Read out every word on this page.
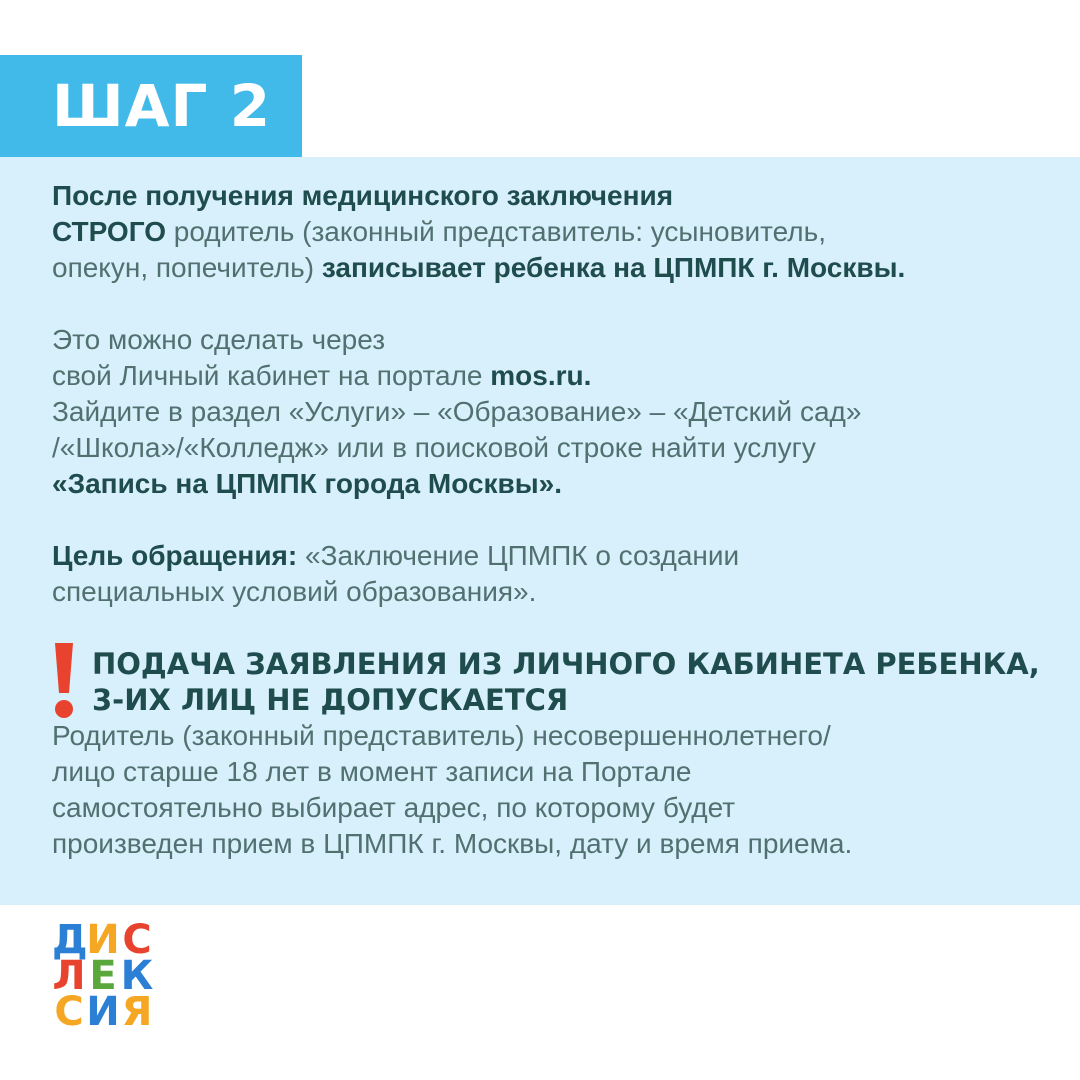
ШАГ 2

После получения медицинского заключения
СТРОГО родитель (законный представитель: усыновитель,
опекун, попечитель) записывает ребенка на ЦПМПК г. Москвы.

Это можно сделать через
свой Личный кабинет на портале mos.ru.
Зайдите в раздел «Услуги» – «Образование» – «Детский сад»
/«Школа»/«Колледж» или в поисковой строке найти услугу
«Запись на ЦПМПК города Москвы».

Цель обращения: «Заключение ЦПМПК о создании
специальных условий образования».

ПОДАЧА ЗАЯВЛЕНИЯ ИЗ ЛИЧНОГО КАБИНЕТА РЕБЕНКА,
3-ИХ ЛИЦ НЕ ДОПУСКАЕТСЯ

Родитель (законный представитель) несовершеннолетнего/
лицо старше 18 лет в момент записи на Портале
самостоятельно выбирает адрес, по которому будет
произведен прием в ЦПМПК г. Москвы, дату и время приема.

Д
И С
Л Е К
С И Я
